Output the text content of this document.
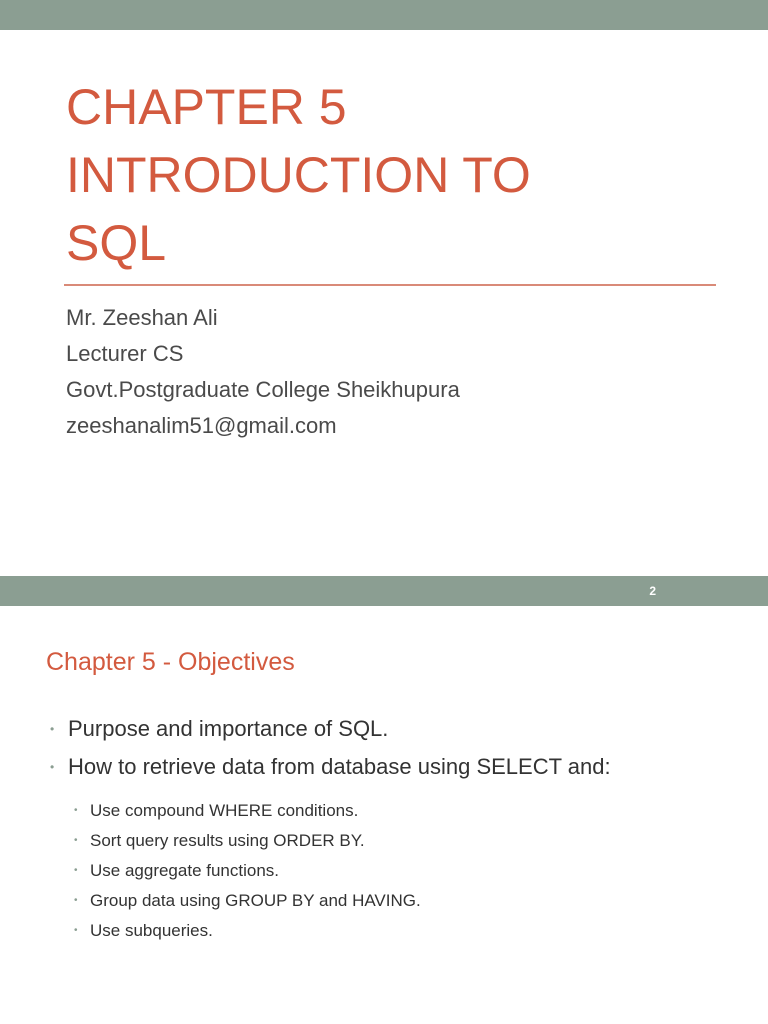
CHAPTER 5
INTRODUCTION TO
SQL
Mr. Zeeshan Ali
Lecturer CS
Govt.Postgraduate College Sheikhupura
zeeshanalim51@gmail.com
2
Chapter 5 - Objectives
• Purpose and importance of SQL.
• How to retrieve data from database using SELECT and:
• Use compound WHERE conditions.
• Sort query results using ORDER BY.
• Use aggregate functions.
• Group data using GROUP BY and HAVING.
• Use subqueries.
